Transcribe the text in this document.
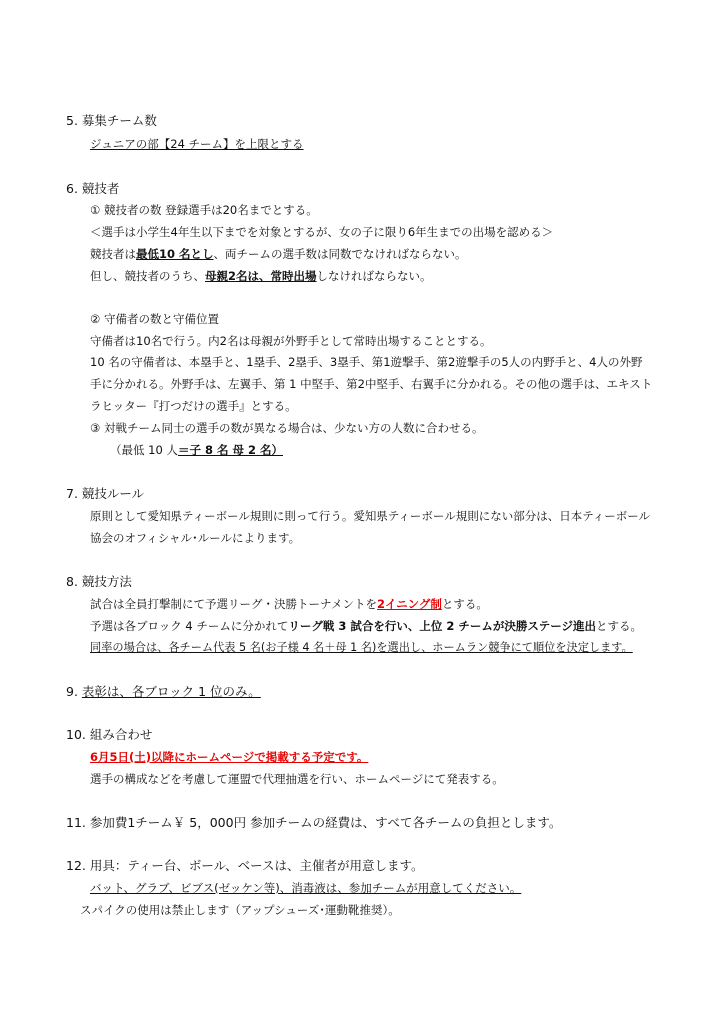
5. 募集チーム数
ジュニアの部【24 チーム】を上限とする
6. 競技者
① 競技者の数 登録選手は20名までとする。
＜選手は小学生4年生以下までを対象とするが、女の子に限り6年生までの出場を認める＞
競技者は最低10 名とし、両チームの選手数は同数でなければならない。
但し、競技者のうち、母親2名は、常時出場しなければならない。
② 守備者の数と守備位置
守備者は10名で行う。内2名は母親が外野手として常時出場することとする。
10 名の守備者は、本塁手と、1塁手、2塁手、3塁手、第1遊撃手、第2遊撃手の5人の内野手と、4人の外野
手に分かれる。外野手は、左翼手、第 1 中堅手、第2中堅手、右翼手に分かれる。その他の選手は、エキスト
ラヒッター『打つだけの選手』とする。
③ 対戦チーム同士の選手の数が異なる場合は、少ない方の人数に合わせる。
（最低 10 人＝子 8 名 母 2 名）
7. 競技ルール
原則として愛知県ティーボール規則に則って行う。愛知県ティーボール規則にない部分は、日本ティーボール
協会のオフィシャル･ルールによります。
8. 競技方法
試合は全員打撃制にて予選リーグ・決勝トーナメントを2イニング制とする。
予選は各ブロック 4 チームに分かれてリーグ戦 3 試合を行い、上位 2 チームが決勝ステージ進出とする。
同率の場合は、各チーム代表 5 名(お子様 4 名＋母 1 名)を選出し、ホームラン競争にて順位を決定します。
9. 表彰は、各ブロック 1 位のみ。
10. 組み合わせ
6月5日(土)以降にホームページで掲載する予定です。
選手の構成などを考慮して運盟で代理抽選を行い、ホームページにて発表する。
11. 参加費1チーム￥ 5，000円 参加チームの経費は、すべて各チームの負担とします。
12. 用具：ティー台、ボール、ベースは、主催者が用意します。
バット、グラブ、ビブス(ゼッケン等)、消毒液は、参加チームが用意してください。
スパイクの使用は禁止します（アップシューズ･運動靴推奨）。
